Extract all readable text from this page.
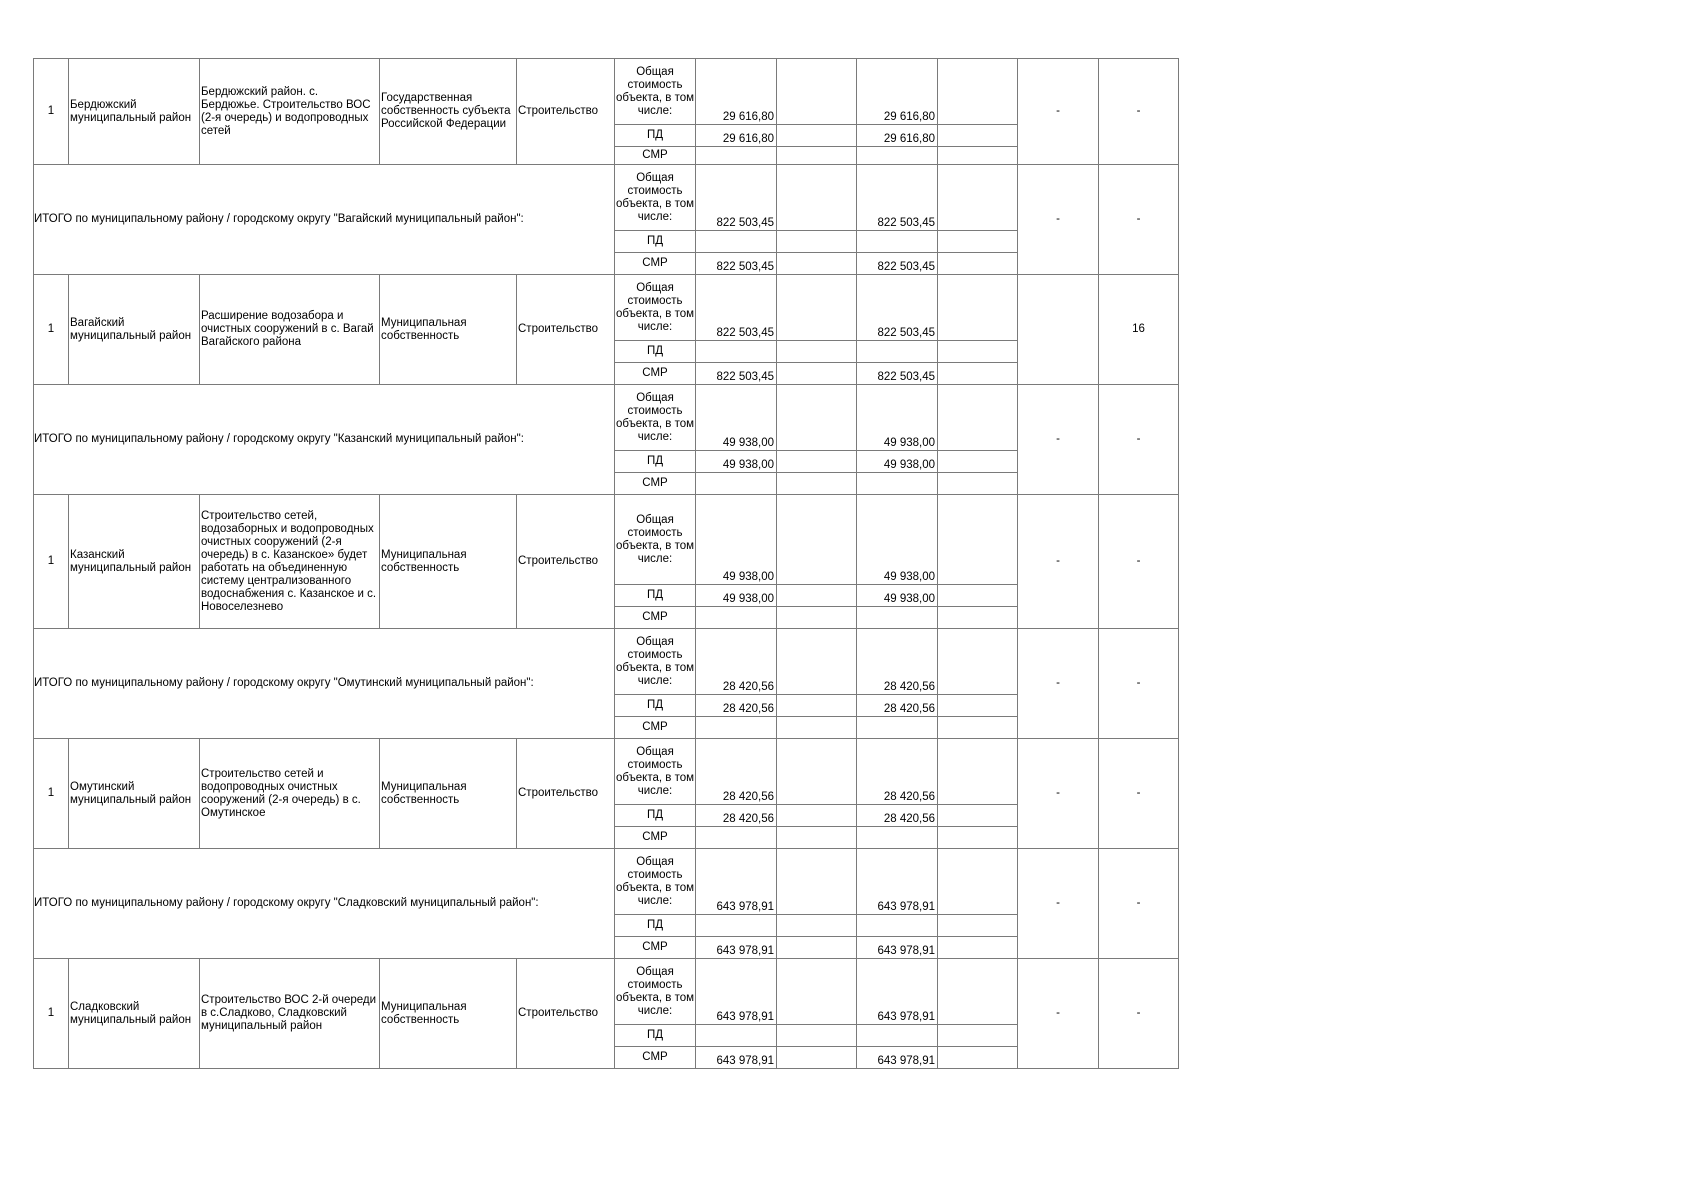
1	Бердюжский муниципальный район	Бердюжский район. с. Бердюжье. Строительство ВОС (2-я очередь) и водопроводных сетей	Государственная собственность субъекта Российской Федерации	Строительство	Общая стоимость объекта, в том числе:	29 616,80		29 616,80		-	-
					ПД	29 616,80		29 616,80			
					СМР						
ИТОГО по муниципальному району / городскому округу "Вагайский муниципальный район":					Общая стоимость объекта, в том числе:	822 503,45		822 503,45		-	-
					ПД						
					СМР	822 503,45		822 503,45			
1	Вагайский муниципальный район	Расширение водозабора и очистных сооружений в с. Вагай Вагайского района	Муниципальная собственность	Строительство	Общая стоимость объекта, в том числе:	822 503,45		822 503,45			16
					ПД						
					СМР	822 503,45		822 503,45			
ИТОГО по муниципальному району / городскому округу "Казанский муниципальный район":					Общая стоимость объекта, в том числе:	49 938,00		49 938,00		-	-
					ПД	49 938,00		49 938,00			
					СМР						
1	Казанский муниципальный район	Строительство сетей, водозаборных и водопроводных очистных сооружений (2-я очередь) в с. Казанское» будет работать на объединенную систему централизованного водоснабжения с. Казанское и с. Новоселезнево	Муниципальная собственность	Строительство	Общая стоимость объекта, в том числе:	49 938,00		49 938,00		-	-
					ПД	49 938,00		49 938,00			
					СМР						
ИТОГО по муниципальному району / городскому округу "Омутинский муниципальный район":					Общая стоимость объекта, в том числе:	28 420,56		28 420,56		-	-
					ПД	28 420,56		28 420,56			
					СМР						
1	Омутинский муниципальный район	Строительство сетей и водопроводных очистных сооружений (2-я очередь) в с. Омутинское	Муниципальная собственность	Строительство	Общая стоимость объекта, в том числе:	28 420,56		28 420,56		-	-
					ПД	28 420,56		28 420,56			
					СМР						
ИТОГО по муниципальному району / городскому округу "Сладковский муниципальный район":					Общая стоимость объекта, в том числе:	643 978,91		643 978,91		-	-
					ПД						
					СМР	643 978,91		643 978,91			
1	Сладковский муниципальный район	Строительство ВОС 2-й очереди в с.Сладково, Сладковский муниципальный район	Муниципальная собственность	Строительство	Общая стоимость объекта, в том числе:	643 978,91		643 978,91		-	-
					ПД						
					СМР	643 978,91		643 978,91			
